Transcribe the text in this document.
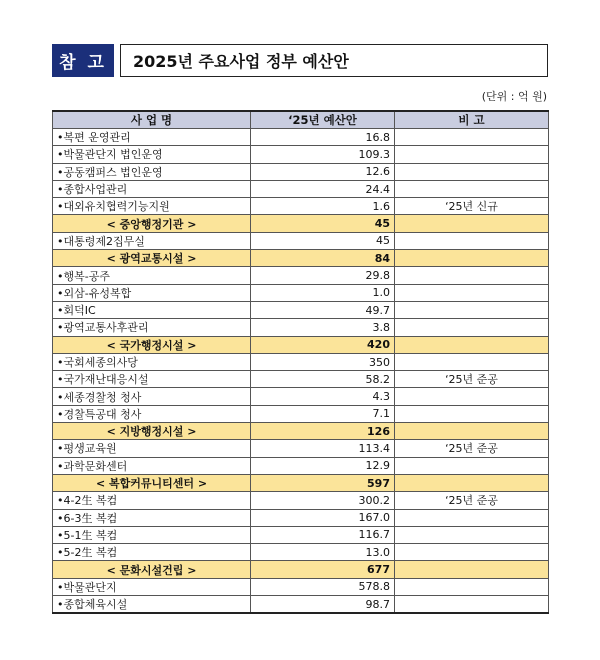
참 고	2025년 주요사업 정부 예산안
(단위 : 억 원)
사 업 명	‘25년 예산안	비 고
•복편 운영관리	16.8	
•박물관단지 법인운영	109.3	
•공동캠퍼스 법인운영	12.6	
•종합사업관리	24.4	
•대외유치협력기능지원	1.6	‘25년 신규
< 중앙행정기관 >	45	
•대통령제2집무실	45	
< 광역교통시설 >	84	
•행복-공주	29.8	
•외삼-유성복합	1.0	
•회덕IC	49.7	
•광역교통사후관리	3.8	
< 국가행정시설 >	420	
•국회세종의사당	350	
•국가재난대응시설	58.2	‘25년 준공
•세종경찰청 청사	4.3	
•경찰특공대 청사	7.1	
< 지방행정시설 >	126	
•평생교육원	113.4	‘25년 준공
•과학문화센터	12.9	
< 복합커뮤니티센터 >	597	
•4-2生 복컴	300.2	‘25년 준공
•6-3生 복컴	167.0	
•5-1生 복컴	116.7	
•5-2生 복컴	13.0	
< 문화시설건립 >	677	
•박물관단지	578.8	
•종합체육시설	98.7	
